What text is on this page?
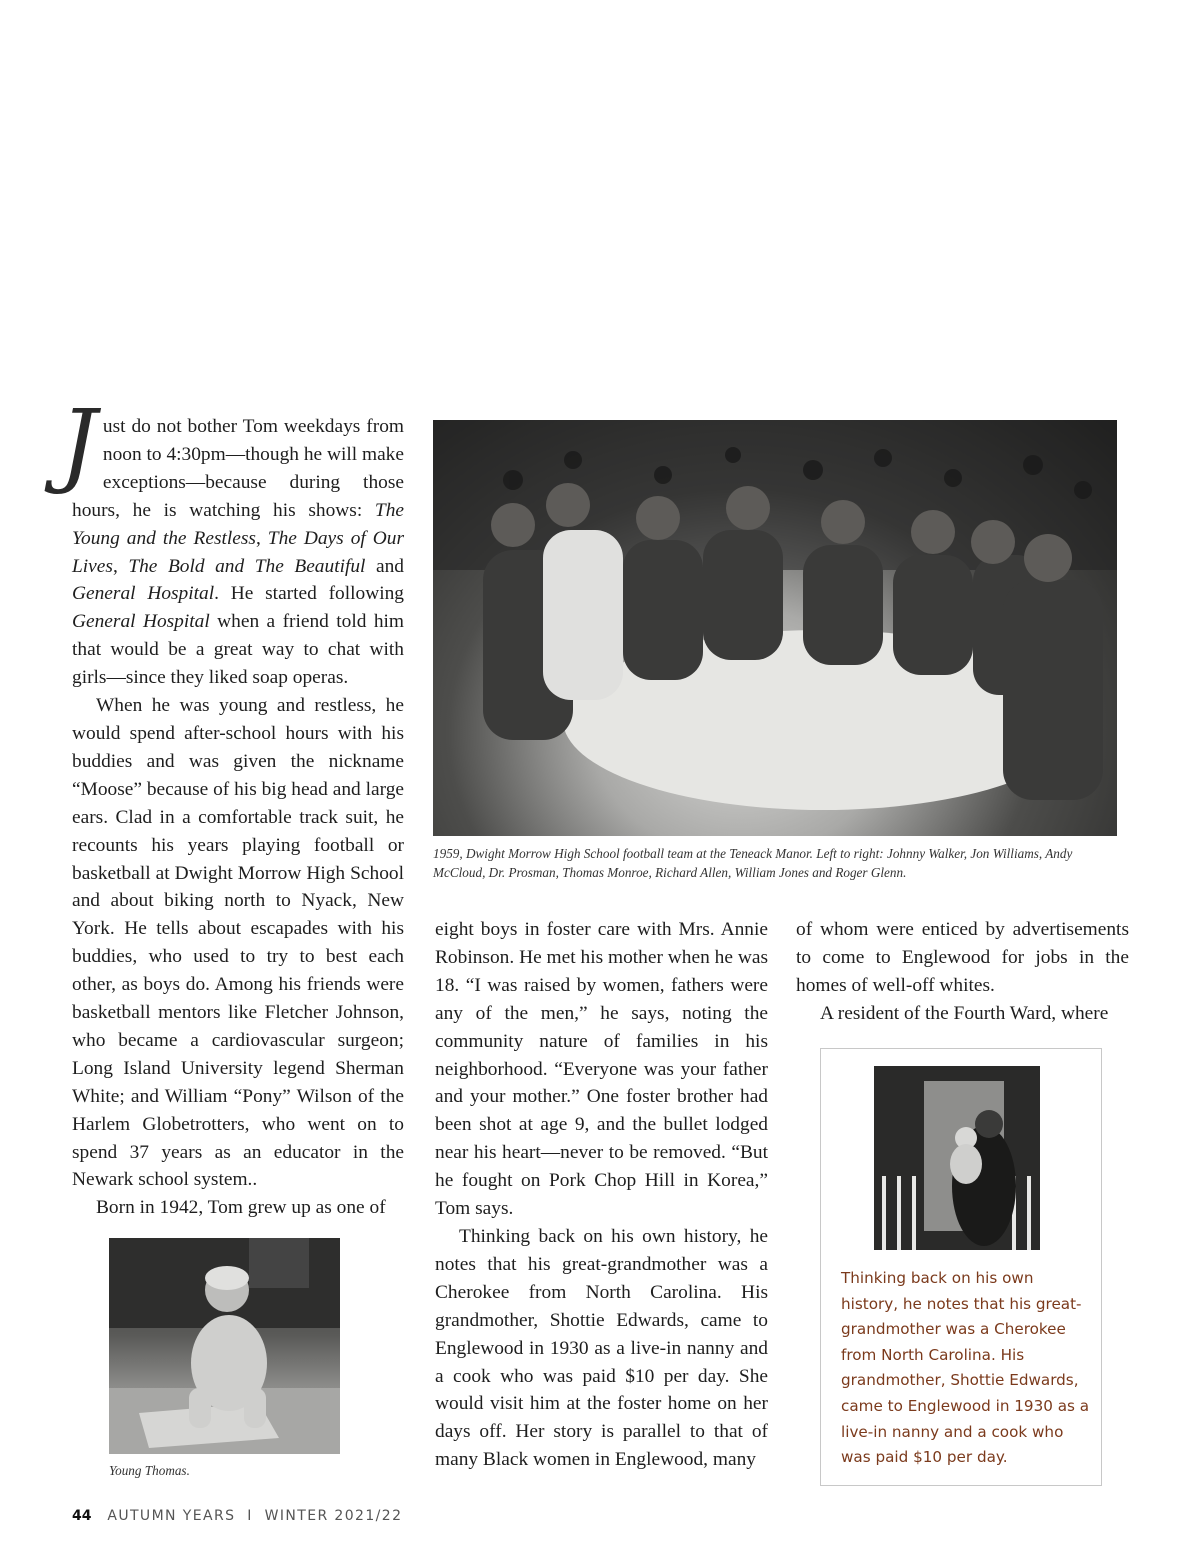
Just do not bother Tom weekdays from noon to 4:30pm—though he will make exceptions—because during those hours, he is watching his shows: The Young and the Restless, The Days of Our Lives, The Bold and The Beautiful and General Hospital. He started following General Hospital when a friend told him that would be a great way to chat with girls—since they liked soap operas.

When he was young and restless, he would spend after-school hours with his buddies and was given the nickname “Moose” because of his big head and large ears. Clad in a comfortable track suit, he recounts his years playing football or basketball at Dwight Morrow High School and about biking north to Nyack, New York. He tells about escapades with his buddies, who used to try to best each other, as boys do. Among his friends were basketball mentors like Fletcher Johnson, who became a cardiovascular surgeon; Long Island University legend Sherman White; and William “Pony” Wilson of the Harlem Globetrotters, who went on to spend 37 years as an educator in the Newark school system..

Born in 1942, Tom grew up as one of

1959, Dwight Morrow High School football team at the Teneack Manor. Left to right: Johnny Walker, Jon Williams, Andy McCloud, Dr. Prosman, Thomas Monroe, Richard Allen, William Jones and Roger Glenn.
Young Thomas.

eight boys in foster care with Mrs. Annie Robinson. He met his mother when he was 18. “I was raised by women, fathers were any of the men,” he says, noting the community nature of families in his neighborhood. “Everyone was your father and your mother.” One foster brother had been shot at age 9, and the bullet lodged near his heart—never to be removed. “But he fought on Pork Chop Hill in Korea,” Tom says.

Thinking back on his own history, he notes that his great-grandmother was a Cherokee from North Carolina. His grandmother, Shottie Edwards, came to Englewood in 1930 as a live-in nanny and a cook who was paid $10 per day. She would visit him at the foster home on her days off. Her story is parallel to that of many Black women in Englewood, many

of whom were enticed by advertisements to come to Englewood for jobs in the homes of well-off whites.

A resident of the Fourth Ward, where

Thinking back on his own history, he notes that his great-grandmother was a Cherokee from North Carolina. His grandmother, Shottie Edwards, came to Englewood in 1930 as a live-in nanny and a cook who was paid $10 per day.
44 AUTUMN YEARS I WINTER 2021/22
